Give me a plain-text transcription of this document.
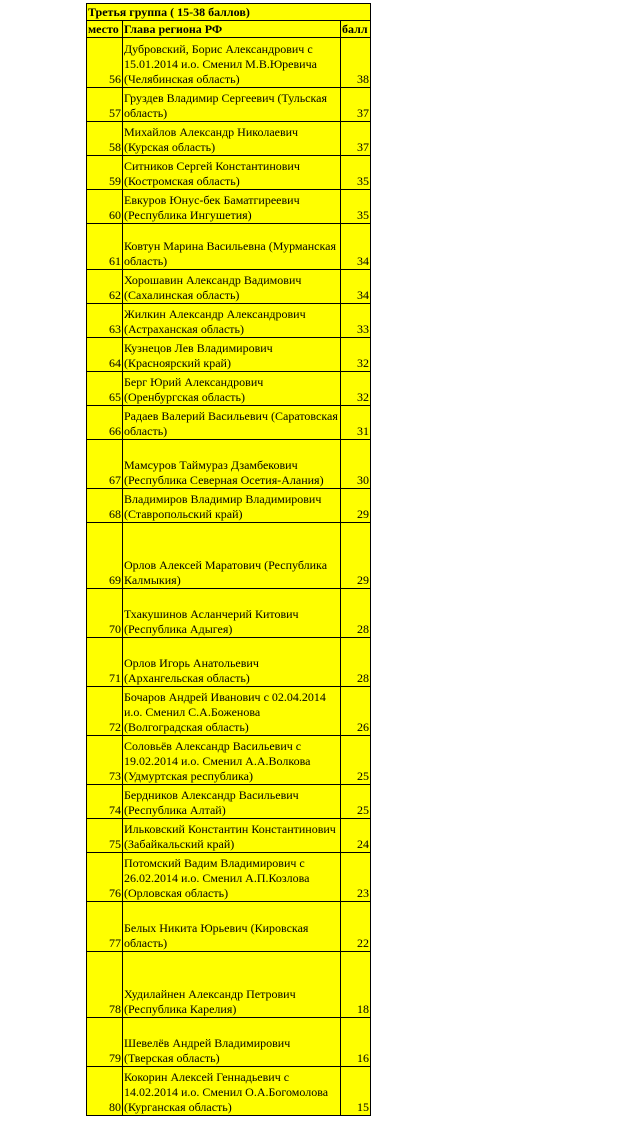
Третья группа ( 15-38 баллов)		
место	Глава региона РФ	балл
56	Дубровский, Борис Александрович с 15.01.2014 и.о. Сменил М.В.Юревича (Челябинская область)	38
57	Груздев Владимир Сергеевич (Тульская область)	37
58	Михайлов Александр Николаевич (Курская область)	37
59	Ситников Сергей Константинович (Костромская область)	35
60	Евкуров Юнус-бек Баматгиреевич (Республика Ингушетия)	35
61	Ковтун Марина Васильевна (Мурманская область)	34
62	Хорошавин Александр Вадимович (Сахалинская область)	34
63	Жилкин Александр Александрович (Астраханская область)	33
64	Кузнецов Лев Владимирович (Красноярский край)	32
65	Берг Юрий Александрович (Оренбургская область)	32
66	Радаев Валерий Васильевич (Саратовская область)	31
67	Мамсуров Таймураз Дзамбекович (Республика Северная Осетия-Алания)	30
68	Владимиров Владимир Владимирович (Ставропольский край)	29
69	Орлов Алексей Маратович (Республика Калмыкия)	29
70	Тхакушинов Асланчерий Китович (Республика Адыгея)	28
71	Орлов Игорь Анатольевич (Архангельская область)	28
72	Бочаров Андрей Иванович с 02.04.2014 и.о. Сменил С.А.Боженова (Волгоградская область)	26
73	Соловьёв Александр Васильевич с 19.02.2014 и.о. Сменил А.А.Волкова (Удмуртская республика)	25
74	Бердников Александр Васильевич (Республика Алтай)	25
75	Ильковский Константин Константинович (Забайкальский край)	24
76	Потомский Вадим Владимирович с 26.02.2014 и.о. Сменил А.П.Козлова (Орловская область)	23
77	Белых Никита Юрьевич (Кировская область)	22
78	Худилайнен Александр Петрович (Республика Карелия)	18
79	Шевелёв Андрей Владимирович (Тверская область)	16
80	Кокорин Алексей Геннадьевич с 14.02.2014 и.о. Сменил О.А.Богомолова (Курганская область)	15
